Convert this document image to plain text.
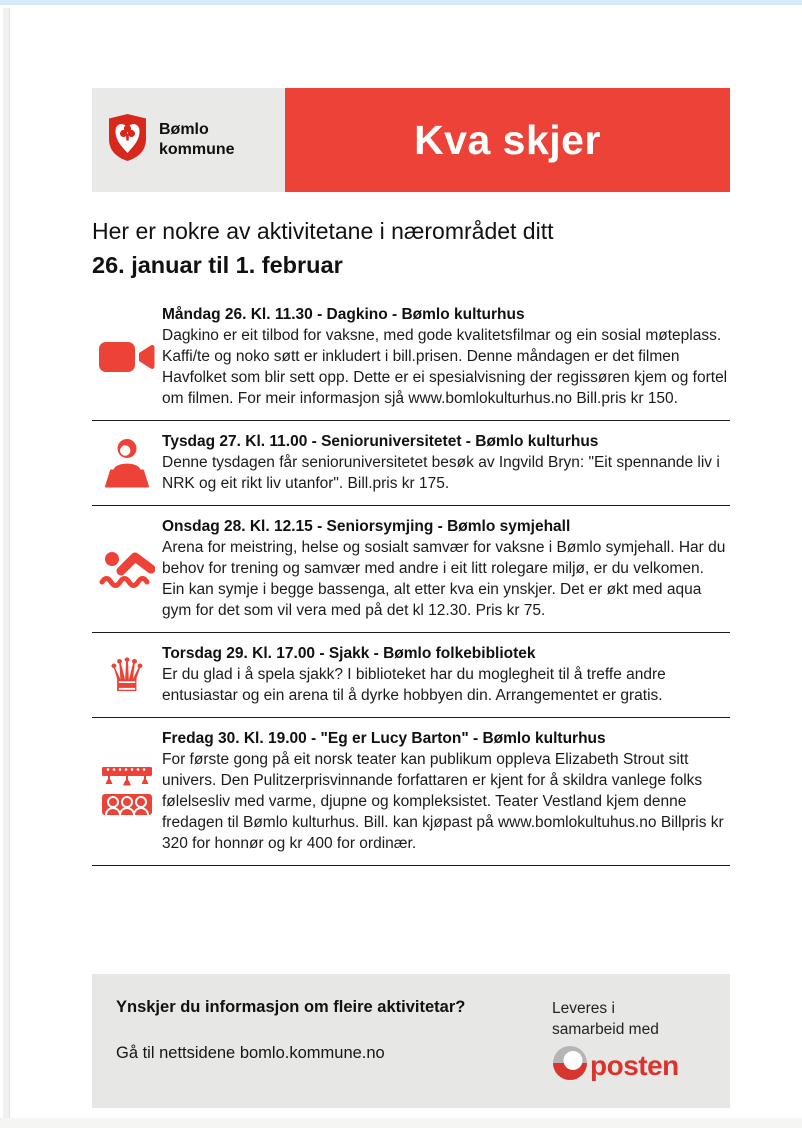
Bømlo
kommune	Kva skjer

Her er nokre av aktivitetane i nærområdet ditt

26. januar til 1. februar

Måndag 26. Kl. 11.30 - Dagkino - Bømlo kulturhus

Dagkino er eit tilbod for vaksne, med gode kvalitetsfilmar og ein sosial møteplass. Kaffi/te og noko søtt er inkludert i bill.prisen. Denne måndagen er det filmen Havfolket som blir sett opp. Dette er ei spesialvisning der regissøren kjem og fortel om filmen. For meir informasjon sjå www.bomlokulturhus.no Bill.pris kr 150.

Tysdag 27. Kl. 11.00 - Senioruniversitetet - Bømlo kulturhus

Denne tysdagen får senioruniversitetet besøk av Ingvild Bryn: "Eit spennande liv i NRK og eit rikt liv utanfor". Bill.pris kr 175.

Onsdag 28. Kl. 12.15 - Seniorsymjing - Bømlo symjehall

Arena for meistring, helse og sosialt samvær for vaksne i Bømlo symjehall. Har du behov for trening og samvær med andre i eit litt rolegare miljø, er du velkomen. Ein kan symje i begge bassenga, alt etter kva ein ynskjer. Det er økt med aqua gym for det som vil vera med på det kl 12.30. Pris kr 75.

♛ Torsdag 29. Kl. 17.00 - Sjakk - Bømlo folkebibliotek

Er du glad i å spela sjakk? I biblioteket har du moglegheit til å treffe andre entusiastar og ein arena til å dyrke hobbyen din. Arrangementet er gratis.

Fredag 30. Kl. 19.00 - "Eg er Lucy Barton" - Bømlo kulturhus

For første gong på eit norsk teater kan publikum oppleva Elizabeth Strout sitt univers. Den Pulitzerprisvinnande forfattaren er kjent for å skildra vanlege folks følelsesliv med varme, djupne og kompleksistet. Teater Vestland kjem denne fredagen til Bømlo kulturhus. Bill. kan kjøpast på www.bomlokultuhus.no Billpris kr 320 for honnør og kr 400 for ordinær.

Ynskjer du informasjon om fleire aktivitetar?

Gå til nettsidene bomlo.kommune.no

Leveres i
samarbeid med
posten
